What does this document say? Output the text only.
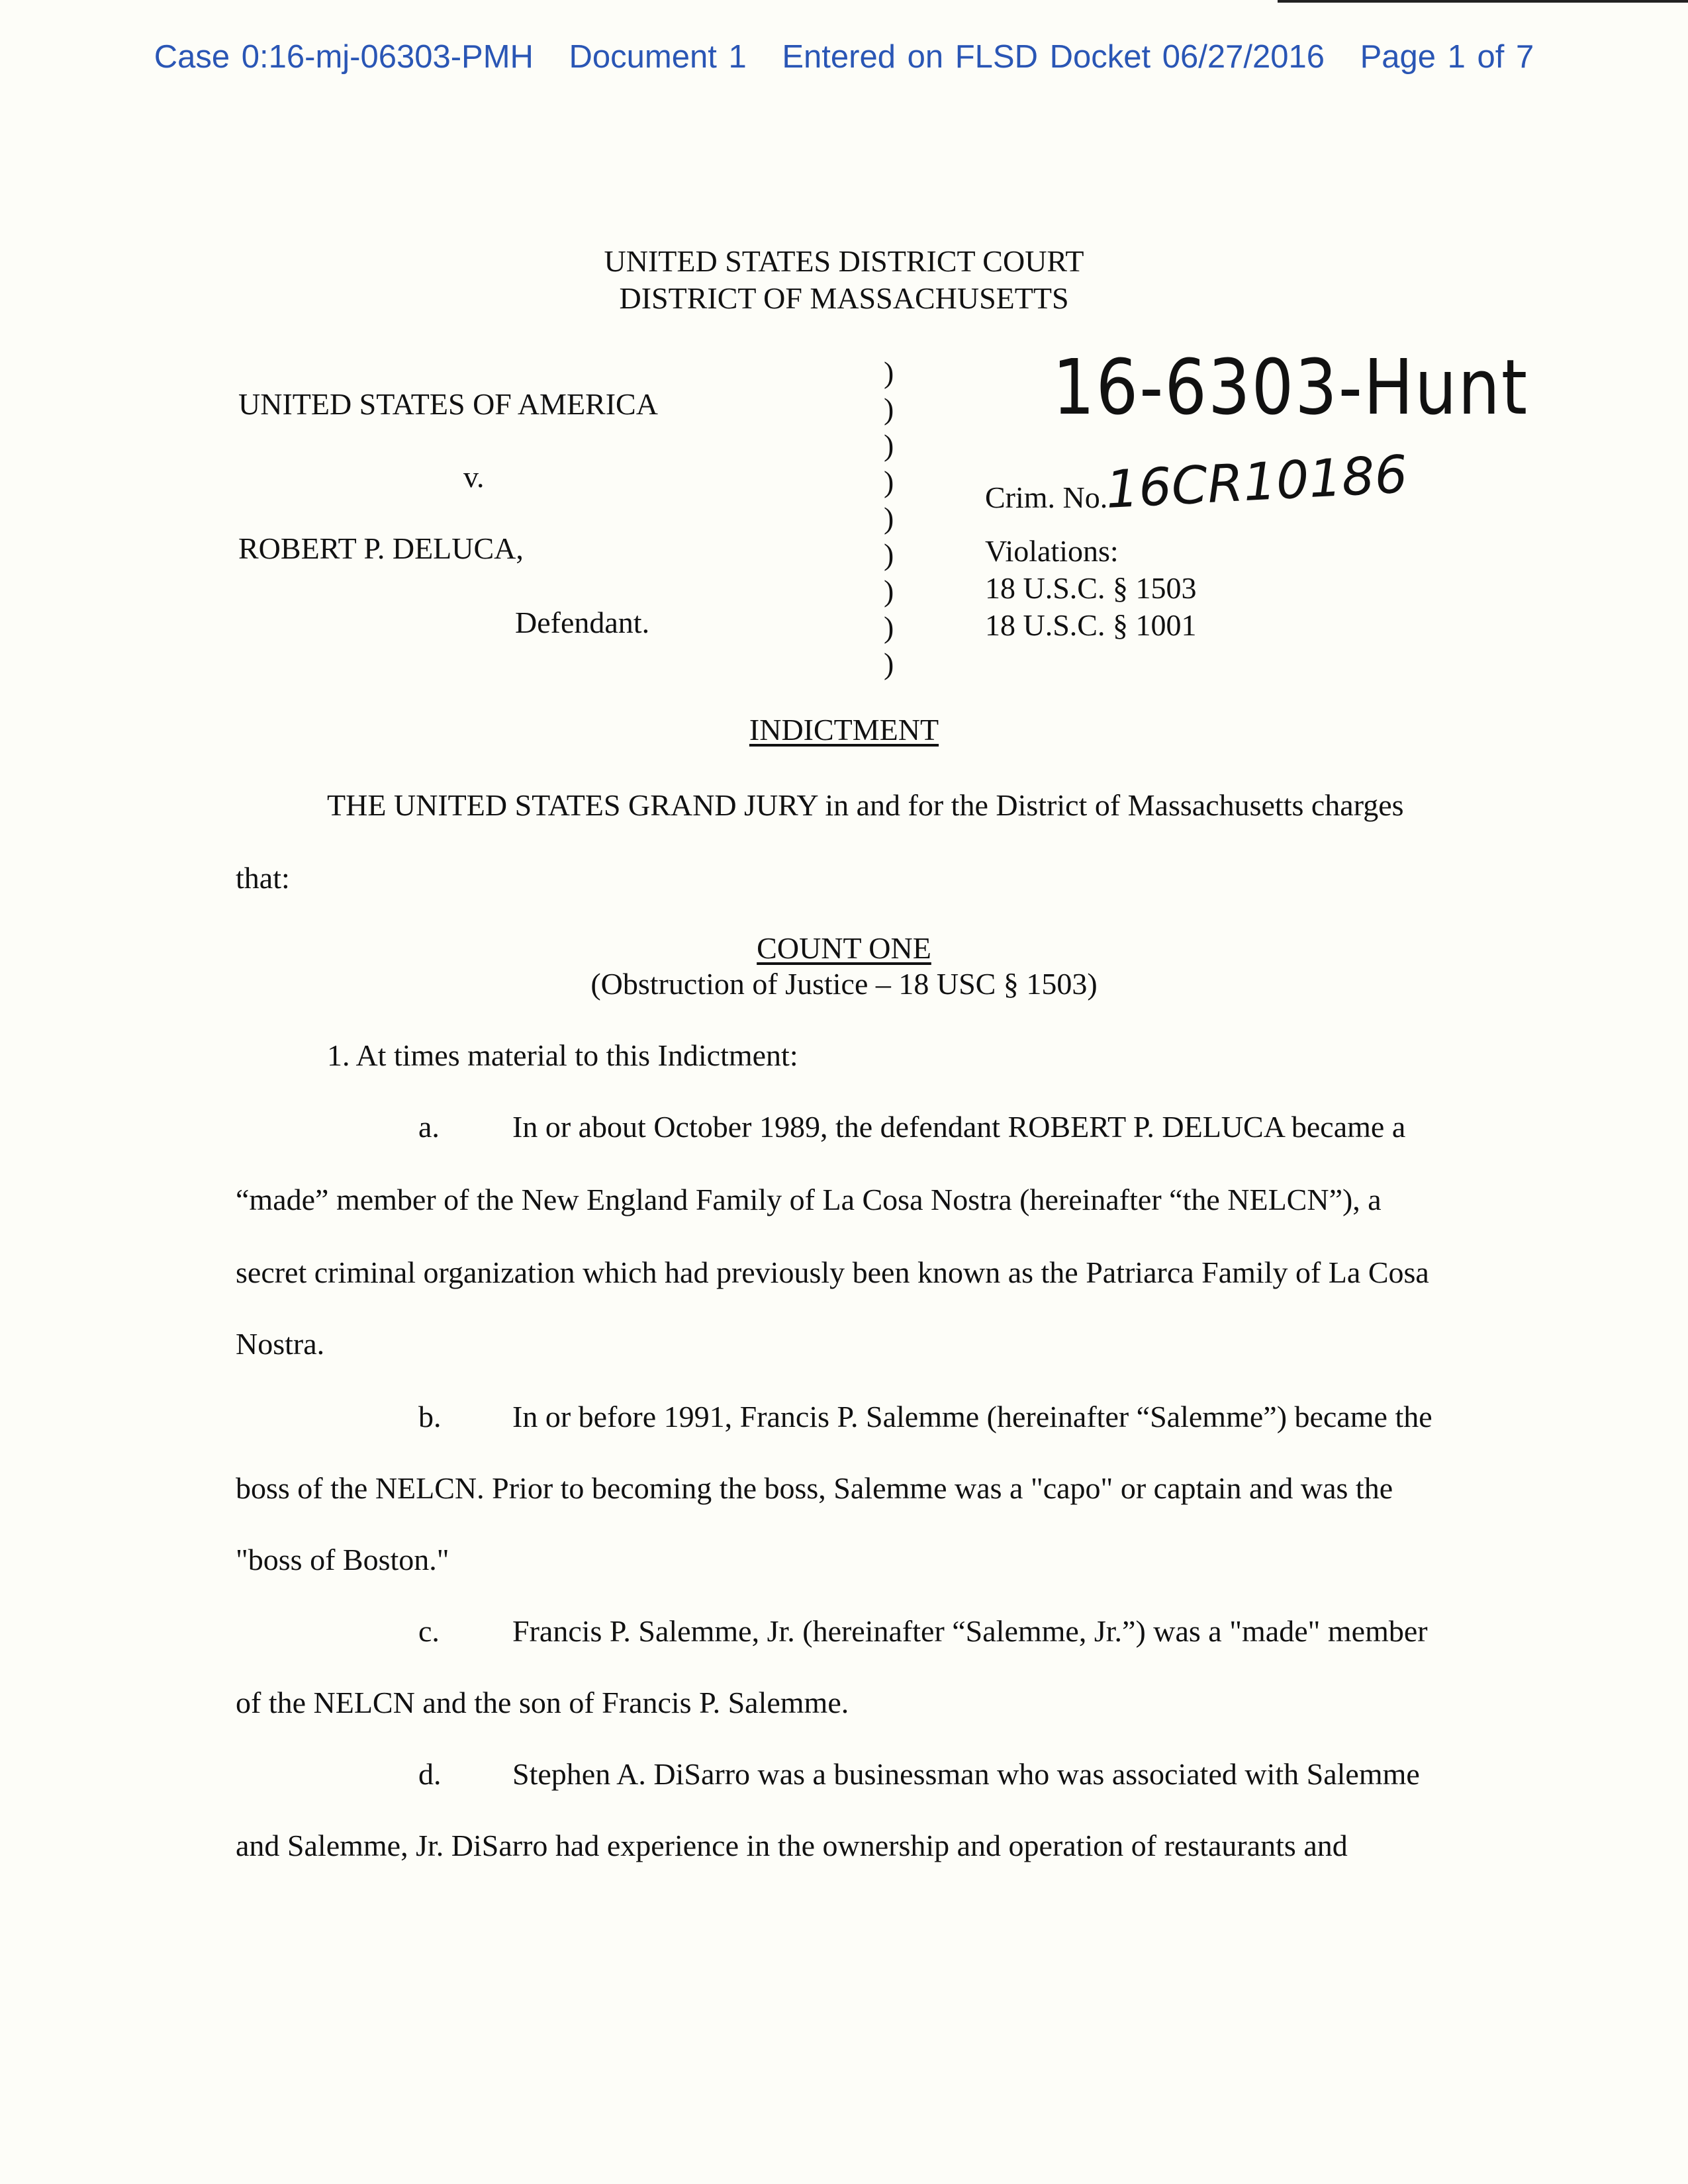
Case 0:16-mj-06303-PMH Document 1 Entered on FLSD Docket 06/27/2016 Page 1 of 7
UNITED STATES DISTRICT COURT
DISTRICT OF MASSACHUSETTS
UNITED STATES OF AMERICA
v.
ROBERT P. DELUCA,
Defendant.
)
)
)
)
)
)
)
)
)
16-6303-Hunt
Crim. No.16CR10186
Violations:
18 U.S.C. § 1503
18 U.S.C. § 1001
INDICTMENT
THE UNITED STATES GRAND JURY in and for the District of Massachusetts charges
that:
COUNT ONE
(Obstruction of Justice – 18 USC § 1503)
1. At times material to this Indictment:
a. In or about October 1989, the defendant ROBERT P. DELUCA became a
“made” member of the New England Family of La Cosa Nostra (hereinafter “the NELCN”), a
secret criminal organization which had previously been known as the Patriarca Family of La Cosa
Nostra.
b. In or before 1991, Francis P. Salemme (hereinafter “Salemme”) became the
boss of the NELCN. Prior to becoming the boss, Salemme was a "capo" or captain and was the
"boss of Boston."
c. Francis P. Salemme, Jr. (hereinafter “Salemme, Jr.”) was a "made" member
of the NELCN and the son of Francis P. Salemme.
d. Stephen A. DiSarro was a businessman who was associated with Salemme
and Salemme, Jr. DiSarro had experience in the ownership and operation of restaurants and
